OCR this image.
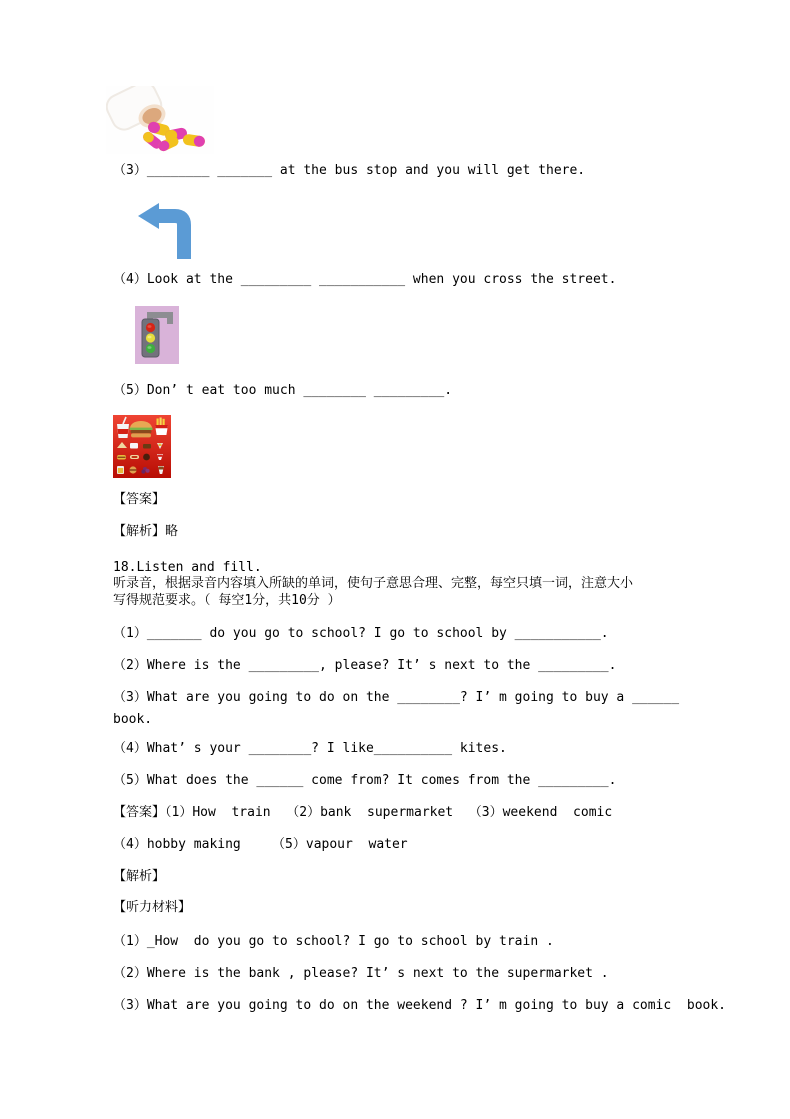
（3）________ _______ at the bus stop and you will get there.
（4）Look at the _________ ___________ when you cross the street.
（5）Don’ t eat too much ________ _________.
【答案】
【解析】略
18.Listen and fill.
听录音，根据录音内容填入所缺的单词，使句子意思合理、完整，每空只填一词，注意大小
写得规范要求。（ 每空1分，共10分 ）
（1）_______ do you go to school? I go to school by ___________.
（2）Where is the _________, please? It’ s next to the _________.
（3）What are you going to do on the ________? I’ m going to buy a ______
book.
（4）What’ s your ________? I like__________ kites.
（5）What does the ______ come from? It comes from the _________.
【答案】（1）How  train  （2）bank  supermarket  （3）weekend  comic
（4）hobby making    （5）vapour  water
【解析】
【听力材料】
（1）_How  do you go to school? I go to school by train .
（2）Where is the bank , please? It’ s next to the supermarket .
（3）What are you going to do on the weekend ? I’ m going to buy a comic  book.
